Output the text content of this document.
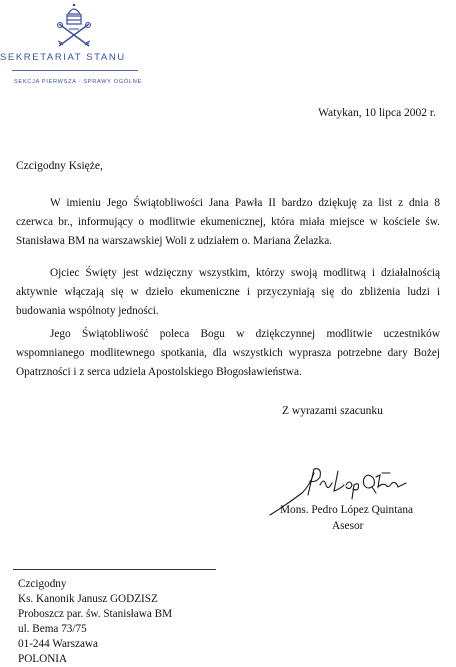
SEKRETARIAT STANU
SEKCJA PIERWSZA · SPRAWY OGÓLNE
Watykan, 10 lipca 2002 r.
Czcigodny Księże,

W imieniu Jego Świątobliwości Jana Pawła II bardzo dziękuję za list z dnia 8 czerwca br., informujący o modlitwie ekumenicznej, która miała miejsce w kościele św. Stanisława BM na warszawskiej Woli z udziałem o. Mariana Żelazka.

Ojciec Święty jest wdzięczny wszystkim, którzy swoją modlitwą i działalnością aktywnie włączają się w dzieło ekumeniczne i przyczyniają się do zbliżenia ludzi i budowania wspólnoty jedności.

Jego Świątobliwość poleca Bogu w dziękczynnej modlitwie uczestników wspomnianego modlitewnego spotkania, dla wszystkich wyprasza potrzebne dary Bożej Opatrzności i z serca udziela Apostolskiego Błogosławieństwa.

Z wyrazami szacunku
Mons. Pedro López Quintana
Asesor
Czcigodny
Ks. Kanonik Janusz GODZISZ
Proboszcz par. św. Stanisława BM
ul. Bema 73/75
01-244 Warszawa
POLONIA
